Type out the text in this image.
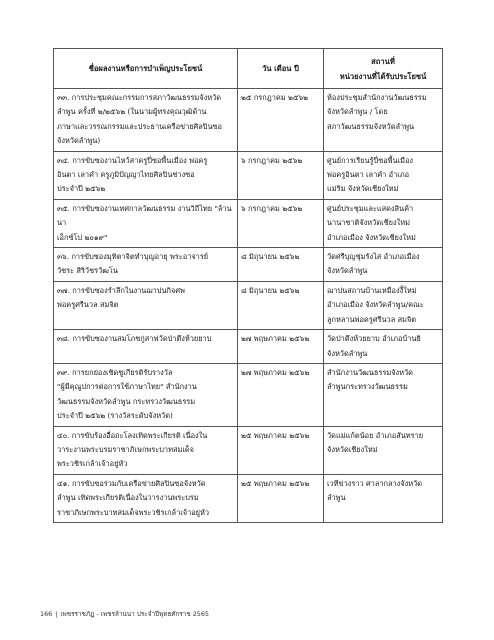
ชื่อผลงานหรือการบำเพ็ญประโยชน์	วัน เดือน ปี	สถานที่
หน่วยงานที่ได้รับประโยชน์
๓๓. การประชุมคณะกรรมการสภาวัฒนธรรมจังหวัด
ลำพูน ครั้งที่ ๒/๒๕๖๒ (ในนามผู้ทรงคุณวุฒิด้าน
ภาษาและวรรณกรรมและประธานเครือข่ายศิลปินซอ
จังหวัดลำพูน)	๒๕ กรกฎาคม ๒๕๖๒	ห้องประชุมสำนักงานวัฒนธรรม
จังหวัดลำพูน / โดย
สภาวัฒนธรรมจังหวัดลำพูน
๓๔. การขับซองานไหว้สาครูปี่ซอพื้นเมือง พ่อครู
อินตา เลาคำ ครูภูมิปัญญาไทยศิลปินช่างซอ
ประจำปี ๒๕๖๒	๖ กรกฎาคม ๒๕๖๒	ศูนย์การเรียนรู้ปี่ซอพื้นเมือง
พ่อครูอินตา เลาคำ อำเภอ
แม่ริม จังหวัดเชียงใหม่
๓๕. การขับซองานเทศกาลวัฒนธรรม งานวิถีไทย "ล้านนา
เอ็กซ์โป ๒๐๑๙"	๖ กรกฎาคม ๒๕๖๒	ศูนย์ประชุมและแสดงสินค้า
นานาชาติจังหวัดเชียงใหม่
อำเภอเมือง จังหวัดเชียงใหม่
๓๖. การขับซองมุทิตาจิตทำบุญอายุ พระอาจารย์
วัชระ สิริวัชรวัฒโน	๘ มิถุนายน ๒๕๖๒	วัดศรีบุญชุ่มรังไส อำเภอเมือง
จังหวัดลำพูน
๓๗. การขับซองรำลึกในงานฌาปนกิจศพ
พ่อครูศรีนวล สมจิต	๘ มิถุนายน ๒๕๖๒	ฌาปนสถานบ้านเหมืองงี้ใหม่
อำเภอเมือง จังหวัดลำพูน/คณะ
ลูกหลานพ่อครูศรีนวล สมจิต
๓๘. การขับซองานสมโภชกู่สาฟวัดป่าตึงห้วยยาบ	๒๗ พฤษภาคม ๒๕๖๒	วัดป่าตึงห้วยยาบ อำเภอบ้านธิ
จังหวัดลำพูน
๓๙. การยกย่องเชิดชูเกียรติรับรางวัล
"ผู้มีคุณูปการต่อการใช้ภาษาไทย" สำนักงาน
วัฒนธรรมจังหวัดลำพูน กระทรวงวัฒนธรรม
ประจำปี ๒๕๖๒ (รางวัลระดับจังหวัด)	๒๗ พฤษภาคม ๒๕๖๒	สำนักงานวัฒนธรรมจังหวัด
ลำพูนกระทรวงวัฒนธรรม
๔๐. การขับร้องอื่อถะโลงเทิดพระเกียรติ เนื่องใน
วาระงานพระบรมราชาภิเษกพระบาทสมเด็จ
พระวชิรเกล้าเจ้าอยู่หัว	๒๕ พฤษภาคม ๒๕๖๒	วัดแม่แก้ตน้อย อำเภอสันทราย
จังหวัดเชียงใหม่
๔๑. การขับซอร่วมกับเครือข่ายศิลปินซอจังหวัด
ลำพูน เทิดพระเกียรติเนื่องในวารงานพระบรม
ราชาภิเษกพระบาทสมเด็จพระวชิรเกล้าเจ้าอยู่หัว	๒๕ พฤษภาคม ๒๕๖๒	เวทีข่วงราว ศาลากลางจังหวัด
ลำพูน
166 | เพชรราชภัฏ - เพชรล้านนา ประจำปีพุทธศักราช 2565
